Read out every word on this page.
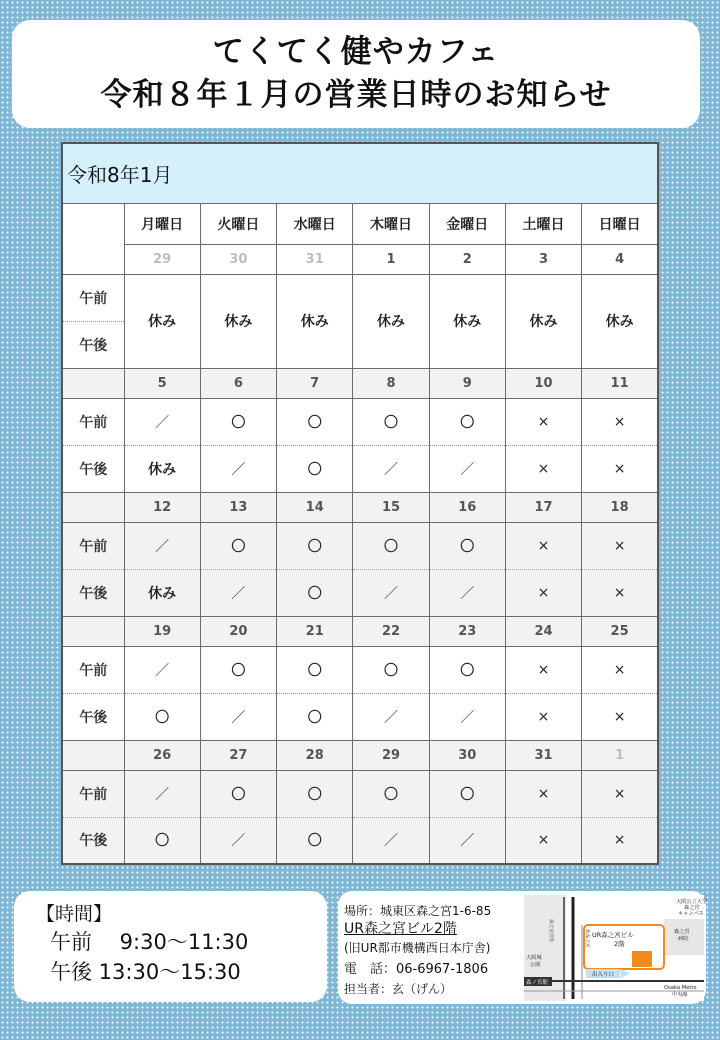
てくてく健やカフェ
令和８年１月の営業日時のお知らせ
令和8年1月							
	月曜日	火曜日	水曜日	木曜日	金曜日	土曜日	日曜日
	29	30	31	1	2	3	4
午前	休み	休み	休み	休み	休み	休み	休み
午後							
	5	6	7	8	9	10	11
午前	／	〇	〇	〇	〇	×	×
午後	休み	／	〇	／	／	×	×
	12	13	14	15	16	17	18
午前	／	〇	〇	〇	〇	×	×
午後	休み	／	〇	／	／	×	×
	19	20	21	22	23	24	25
午前	／	〇	〇	〇	〇	×	×
午後	〇	／	〇	／	／	×	×
	26	27	28	29	30	31	1
午前	／	〇	〇	〇	〇	×	×
午後	〇	／	〇	／	／	×	×
【時間】
午前　 9:30～11:30
午後 13:30～15:30
場所：城東区森之宮1-6-85
UR森之宮ビル2階
(旧UR都市機構西日本庁舎)
電　話：06-6967-1806
担当者：玄（げん）
大阪公立大学
森之宮
キャンパス
森之宮
病院
大阪城
公園
Osaka Metro
中央線
UR森之宮ビル
2階
出入り口
森ノ宮駅
森之宮団地	新森之宮
